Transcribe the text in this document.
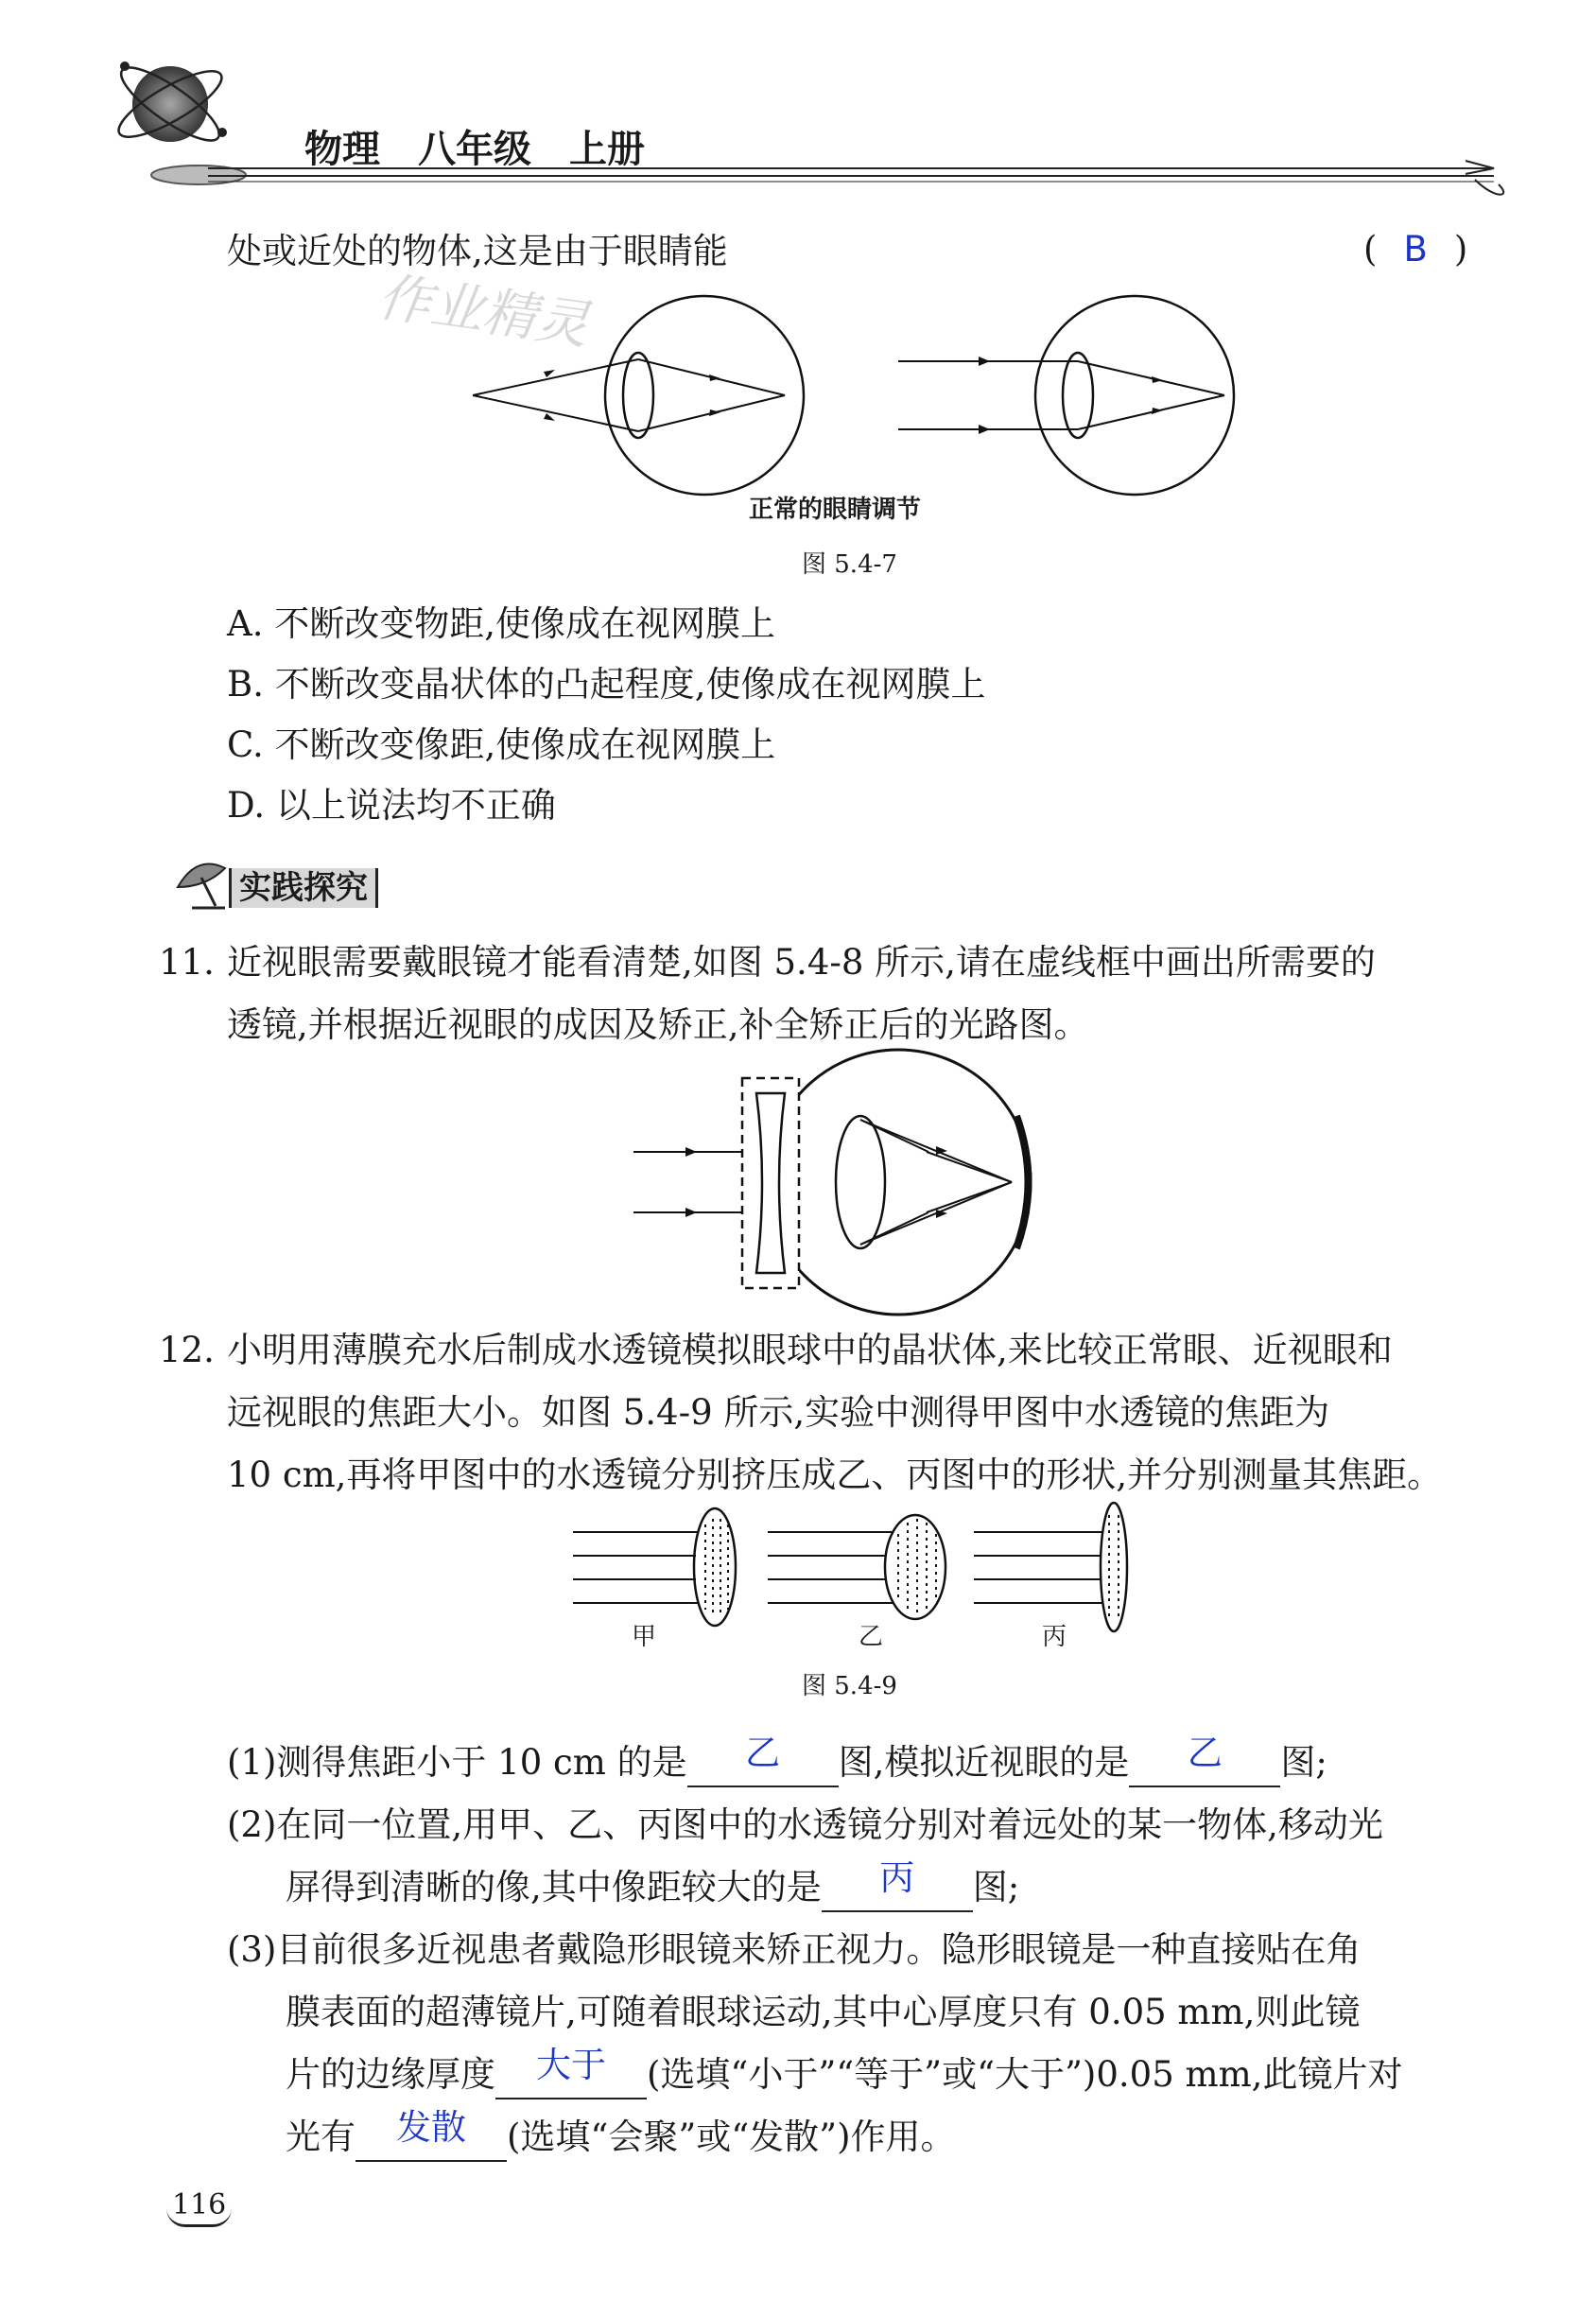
物理 八年级 上册
处或近处的物体,这是由于眼睛能	( B )
作业精灵
正常的眼睛调节
图 5.4-7
A. 不断改变物距,使像成在视网膜上
B. 不断改变晶状体的凸起程度,使像成在视网膜上
C. 不断改变像距,使像成在视网膜上
D. 以上说法均不正确
实践探究
11. 近视眼需要戴眼镜才能看清楚,如图 5.4-8 所示,请在虚线框中画出所需要的
透镜,并根据近视眼的成因及矫正,补全矫正后的光路图。
12. 小明用薄膜充水后制成水透镜模拟眼球中的晶状体,来比较正常眼、近视眼和
远视眼的焦距大小。如图 5.4-9 所示,实验中测得甲图中水透镜的焦距为
10 cm,再将甲图中的水透镜分别挤压成乙、丙图中的形状,并分别测量其焦距。
甲	乙	丙
图 5.4-9
(1)测得焦距小于 10 cm 的是 乙 图,模拟近视眼的是 乙 图;
(2)在同一位置,用甲、乙、丙图中的水透镜分别对着远处的某一物体,移动光
屏得到清晰的像,其中像距较大的是 丙 图;
(3)目前很多近视患者戴隐形眼镜来矫正视力。隐形眼镜是一种直接贴在角
膜表面的超薄镜片,可随着眼球运动,其中心厚度只有 0.05 mm,则此镜
片的边缘厚度 大于 (选填“小于”“等于”或“大于”)0.05 mm,此镜片对
光有 发散 (选填“会聚”或“发散”)作用。
116
